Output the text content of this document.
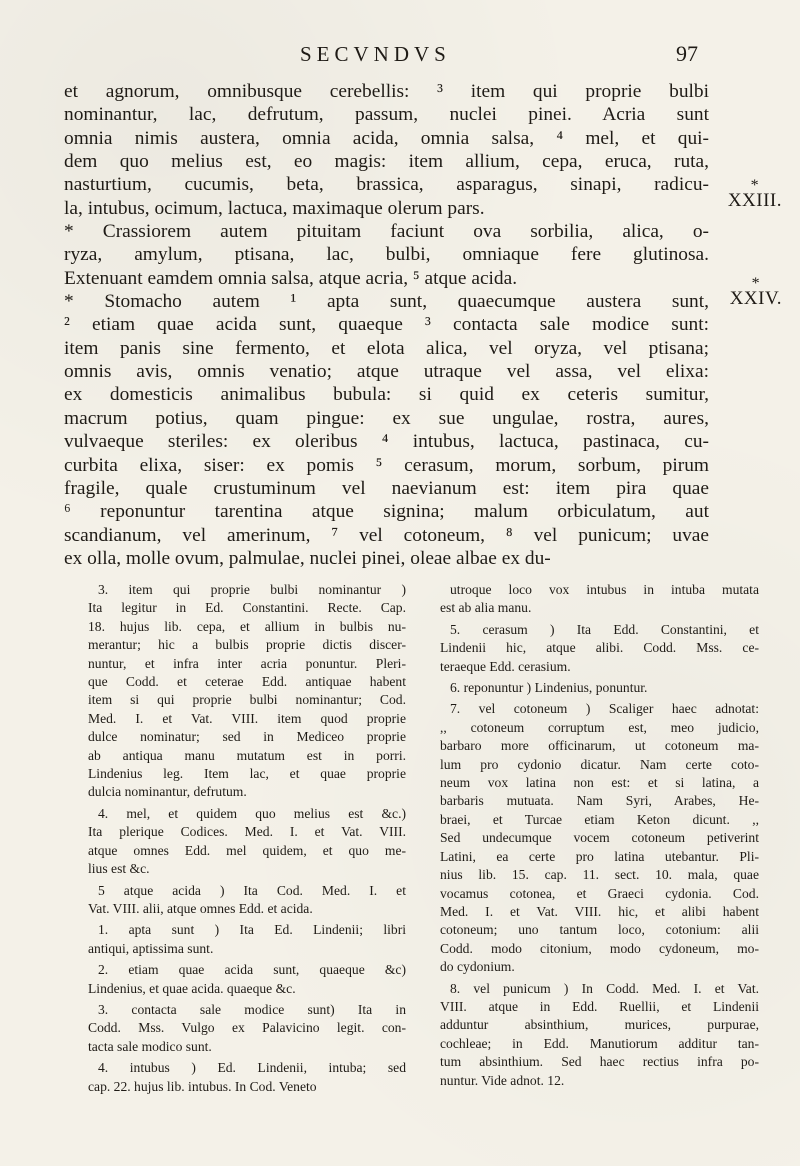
SECVNDVS	97
et agnorum, omnibusque cerebellis: ³ item qui proprie bulbi
nominantur, lac, defrutum, passum, nuclei pinei. Acria sunt
omnia nimis austera, omnia acida, omnia salsa, ⁴ mel, et qui-
dem quo melius est, eo magis: item allium, cepa, eruca, ruta,
nasturtium, cucumis, beta, brassica, asparagus, sinapi, radicu-
la, intubus, ocimum, lactuca, maximaque olerum pars.
* Crassiorem autem pituitam faciunt ova sorbilia, alica, o-
ryza, amylum, ptisana, lac, bulbi, omniaque fere glutinosa.
Extenuant eamdem omnia salsa, atque acria, ⁵ atque acida.
* Stomacho autem ¹ apta sunt, quaecumque austera sunt,
² etiam quae acida sunt, quaeque ³ contacta sale modice sunt:
item panis sine fermento, et elota alica, vel oryza, vel ptisana;
omnis avis, omnis venatio; atque utraque vel assa, vel elixa:
ex domesticis animalibus bubula: si quid ex ceteris sumitur,
macrum potius, quam pingue: ex sue ungulae, rostra, aures,
vulvaeque steriles: ex oleribus ⁴ intubus, lactuca, pastinaca, cu-
curbita elixa, siser: ex pomis ⁵ cerasum, morum, sorbum, pirum
fragile, quale crustuminum vel naevianum est: item pira quae
⁶ reponuntur tarentina atque signina; malum orbiculatum, aut
scandianum, vel amerinum, ⁷ vel cotoneum, ⁸ vel punicum; uvae
ex olla, molle ovum, palmulae, nuclei pinei, oleae albae ex du-
*
XXIII.
*
XXIV.
3. item qui proprie bulbi nominantur )
Ita legitur in Ed. Constantini. Recte. Cap.
18. hujus lib. cepa, et allium in bulbis nu-
merantur; hic a bulbis proprie dictis discer-
nuntur, et infra inter acria ponuntur. Pleri-
que Codd. et ceterae Edd. antiquae habent
item si qui proprie bulbi nominantur; Cod.
Med. I. et Vat. VIII. item quod proprie
dulce nominatur; sed in Mediceo proprie
ab antiqua manu mutatum est in porri.
Lindenius leg. Item lac, et quae proprie
dulcia nominantur, defrutum.
4. mel, et quidem quo melius est &c.)
Ita plerique Codices. Med. I. et Vat. VIII.
atque omnes Edd. mel quidem, et quo me-
lius est &c.
5 atque acida ) Ita Cod. Med. I. et
Vat. VIII. alii, atque omnes Edd. et acida.
1. apta sunt ) Ita Ed. Lindenii; libri
antiqui, aptissima sunt.
2. etiam quae acida sunt, quaeque &c)
Lindenius, et quae acida. quaeque &c.
3. contacta sale modice sunt) Ita in
Codd. Mss. Vulgo ex Palavicino legit. con-
tacta sale modico sunt.
4. intubus ) Ed. Lindenii, intuba; sed
cap. 22. hujus lib. intubus. In Cod. Veneto
utroque loco vox intubus in intuba mutata
est ab alia manu.
5. cerasum ) Ita Edd. Constantini, et
Lindenii hic, atque alibi. Codd. Mss. ce-
teraeque Edd. cerasium.
6. reponuntur ) Lindenius, ponuntur.
7. vel cotoneum ) Scaliger haec adnotat:
,, cotoneum corruptum est, meo judicio,
barbaro more officinarum, ut cotoneum ma-
lum pro cydonio dicatur. Nam certe coto-
neum vox latina non est: et si latina, a
barbaris mutuata. Nam Syri, Arabes, He-
braei, et Turcae etiam Keton dicunt. ,,
Sed undecumque vocem cotoneum petiverint
Latini, ea certe pro latina utebantur. Pli-
nius lib. 15. cap. 11. sect. 10. mala, quae
vocamus cotonea, et Graeci cydonia. Cod.
Med. I. et Vat. VIII. hic, et alibi habent
cotoneum; uno tantum loco, cotonium: alii
Codd. modo citonium, modo cydoneum, mo-
do cydonium.
8. vel punicum ) In Codd. Med. I. et Vat.
VIII. atque in Edd. Ruellii, et Lindenii
adduntur absinthium, murices, purpurae,
cochleae; in Edd. Manutiorum additur tan-
tum absinthium. Sed haec rectius infra po-
nuntur. Vide adnot. 12.
